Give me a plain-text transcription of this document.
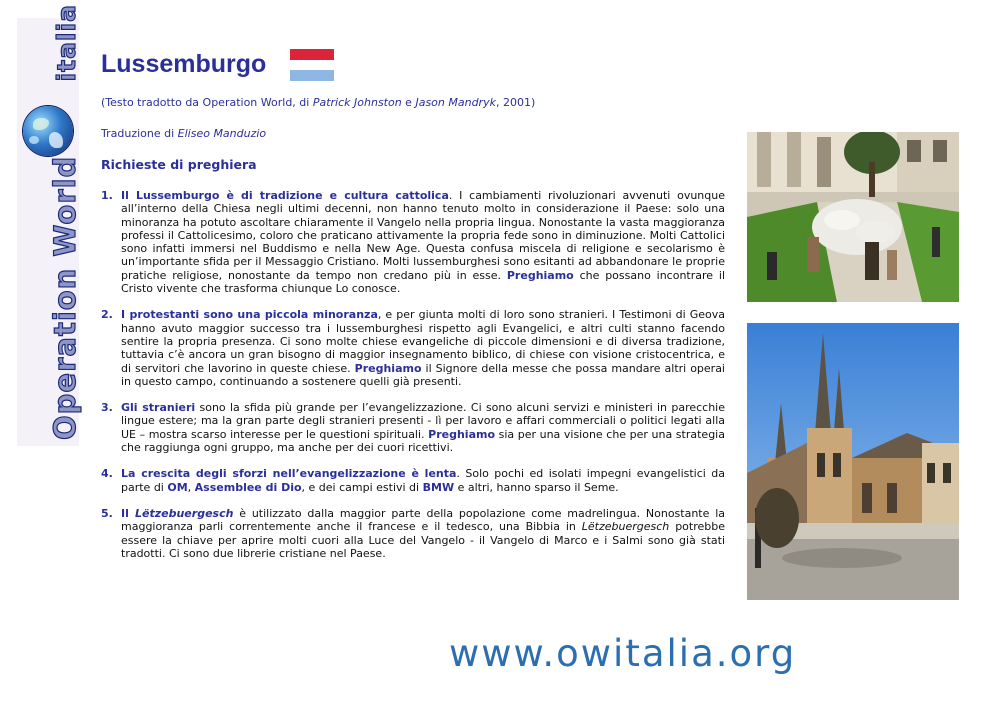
Operation World  italia Lussemburgo
(Testo tradotto da Operation World, di Patrick Johnston e Jason Mandryk, 2001)
Traduzione di Eliseo Manduzio
Richieste di preghiera
1. Il Lussemburgo è di tradizione e cultura cattolica. I cambiamenti rivoluzionari avvenuti ovunque all’interno della Chiesa negli ultimi decenni, non hanno tenuto molto in considerazione il Paese: solo una minoranza ha potuto ascoltare chiaramente il Vangelo nella propria lingua. Nonostante la vasta maggioranza professi il Cattolicesimo, coloro che praticano attivamente la propria fede sono in diminuzione. Molti Cattolici sono infatti immersi nel Buddismo e nella New Age. Questa confusa miscela di religione e secolarismo è un’importante sfida per il Messaggio Cristiano. Molti lussemburghesi sono esitanti ad abbandonare le proprie pratiche religiose, nonostante da tempo non credano più in esse. Preghiamo che possano incontrare il Cristo vivente che trasforma chiunque Lo conosce.
2. I protestanti sono una piccola minoranza, e per giunta molti di loro sono stranieri. I Testimoni di Geova hanno avuto maggior successo tra i lussemburghesi rispetto agli Evangelici, e altri culti stanno facendo sentire la propria presenza. Ci sono molte chiese evangeliche di piccole dimensioni e di diversa tradizione, tuttavia c’è ancora un gran bisogno di maggior insegnamento biblico, di chiese con visione cristocentrica, e di servitori che lavorino in queste chiese. Preghiamo il Signore della messe che possa mandare altri operai in questo campo, continuando a sostenere quelli già presenti.
3. Gli stranieri sono la sfida più grande per l’evangelizzazione. Ci sono alcuni servizi e ministeri in parecchie lingue estere; ma la gran parte degli stranieri presenti - lì per lavoro e affari commerciali o politici legati alla UE – mostra scarso interesse per le questioni spirituali. Preghiamo sia per una visione che per una strategia che raggiunga ogni gruppo, ma anche per dei cuori ricettivi.
4. La crescita degli sforzi nell’evangelizzazione è lenta. Solo pochi ed isolati impegni evangelistici da parte di OM, Assemblee di Dio, e dei campi estivi di BMW e altri, hanno sparso il Seme.
5. Il Lëtzebuergesch è utilizzato dalla maggior parte della popolazione come madrelingua. Nonostante la maggioranza parli correntemente anche il francese e il tedesco, una Bibbia in Lëtzebuergesch potrebbe essere la chiave per aprire molti cuori alla Luce del Vangelo - il Vangelo di Marco e i Salmi sono già stati tradotti. Ci sono due librerie cristiane nel Paese.
www.owitalia.org
